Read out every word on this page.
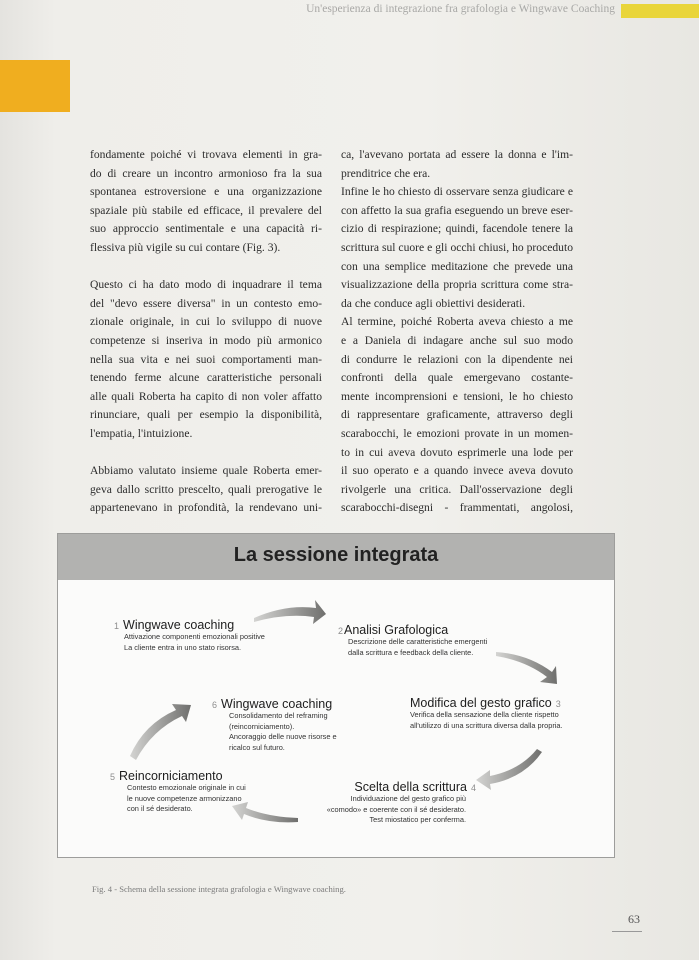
Un'esperienza di integrazione fra grafologia e Wingwave Coaching

fondamente poiché vi trovava elementi in gra-
do di creare un incontro armonioso fra la sua
spontanea estroversione e una organizzazione
spaziale più stabile ed efficace, il prevalere del
suo approccio sentimentale e una capacità ri-
flessiva più vigile su cui contare (Fig. 3).

Questo ci ha dato modo di inquadrare il tema
del "devo essere diversa" in un contesto emo-
zionale originale, in cui lo sviluppo di nuove
competenze si inseriva in modo più armonico
nella sua vita e nei suoi comportamenti man-
tenendo ferme alcune caratteristiche personali
alle quali Roberta ha capito di non voler affatto
rinunciare, quali per esempio la disponibilità,
l'empatia, l'intuizione.

Abbiamo valutato insieme quale Roberta emer-
geva dallo scritto prescelto, quali prerogative le
appartenevano in profondità, la rendevano uni-

ca, l'avevano portata ad essere la donna e l'im-
prenditrice che era.

Infine le ho chiesto di osservare senza giudicare e
con affetto la sua grafia eseguendo un breve eser-
cizio di respirazione; quindi, facendole tenere la
scrittura sul cuore e gli occhi chiusi, ho proceduto
con una semplice meditazione che prevede una
visualizzazione della propria scrittura come stra-
da che conduce agli obiettivi desiderati.

Al termine, poiché Roberta aveva chiesto a me
e a Daniela di indagare anche sul suo modo
di condurre le relazioni con la dipendente nei
confronti della quale emergevano costante-
mente incomprensioni e tensioni, le ho chiesto
di rappresentare graficamente, attraverso degli
scarabocchi, le emozioni provate in un momen-
to in cui aveva dovuto esprimerle una lode per
il suo operato e a quando invece aveva dovuto
rivolgerle una critica. Dall'osservazione degli
scarabocchi-disegni - frammentati, angolosi,

La sessione integrata
1 Wingwave coaching
Attivazione componenti emozionali positive
La cliente entra in uno stato risorsa.
2Analisi Grafologica
Descrizione delle caratteristiche emergenti
dalla scrittura e feedback della cliente.
Modifica del gesto grafico 3
Verifica della sensazione della cliente rispetto
all'utilizzo di una scrittura diversa dalla propria.
Scelta della scrittura 4
Individuazione del gesto grafico più
«comodo» e coerente con il sé desiderato.
Test miostatico per conferma.
5 Reincorniciamento
Contesto emozionale originale in cui
le nuove competenze armonizzano
con il sé desiderato.
6 Wingwave coaching
Consolidamento del reframing
(reincorniciamento).
Ancoraggio delle nuove risorse e
ricalco sul futuro.
Fig. 4 - Schema della sessione integrata grafologia e Wingwave coaching.
63
